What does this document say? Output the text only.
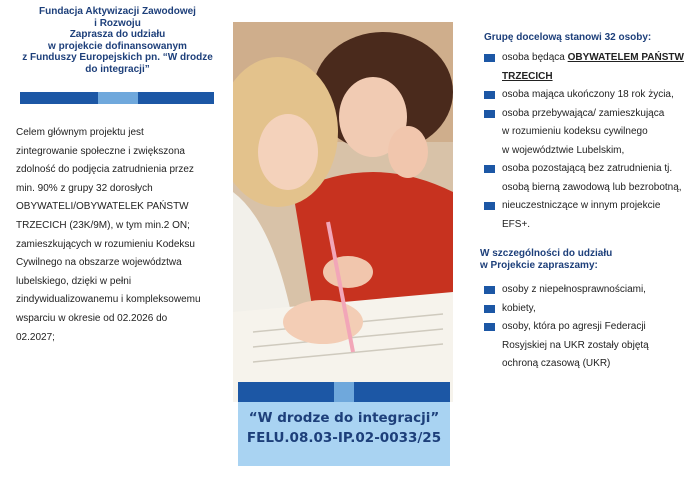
Fundacja Aktywizacji Zawodowej
i Rozwoju
Zaprasza do udziału
w projekcie dofinansowanym
z Funduszy Europejskich pn. “W drodze
do integracji”
Celem głównym projektu jest
zintegrowanie społeczne i zwiększona
zdolność do podjęcia zatrudnienia przez
min. 90% z grupy 32 dorosłych
OBYWATELI/OBYWATELEK PAŃSTW
TRZECICH (23K/9M), w tym min.2 ON;
zamieszkujących w rozumieniu Kodeksu
Cywilnego na obszarze województwa
lubelskiego, dzięki w pełni
zindywidualizowanemu i kompleksowemu
wsparciu w okresie od 02.2026 do
02.2027;
“W drodze do integracji”
FELU.08.03-IP.02-0033/25
Grupę docelową stanowi 32 osoby:
osoba będąca OBYWATELEM PAŃSTW
TRZECICH
osoba mająca ukończony 18 rok życia,
osoba przebywająca/ zamieszkująca
w rozumieniu kodeksu cywilnego
w województwie Lubelskim,
osoba pozostającą bez zatrudnienia tj.
osobą bierną zawodową lub bezrobotną,
nieuczestniczące w innym projekcie
EFS+.
W szczególności do udziału
w Projekcie zapraszamy:
osoby z niepełnosprawnościami,
kobiety,
osoby, która po agresji Federacji
Rosyjskiej na UKR zostały objętą
ochroną czasową (UKR)
